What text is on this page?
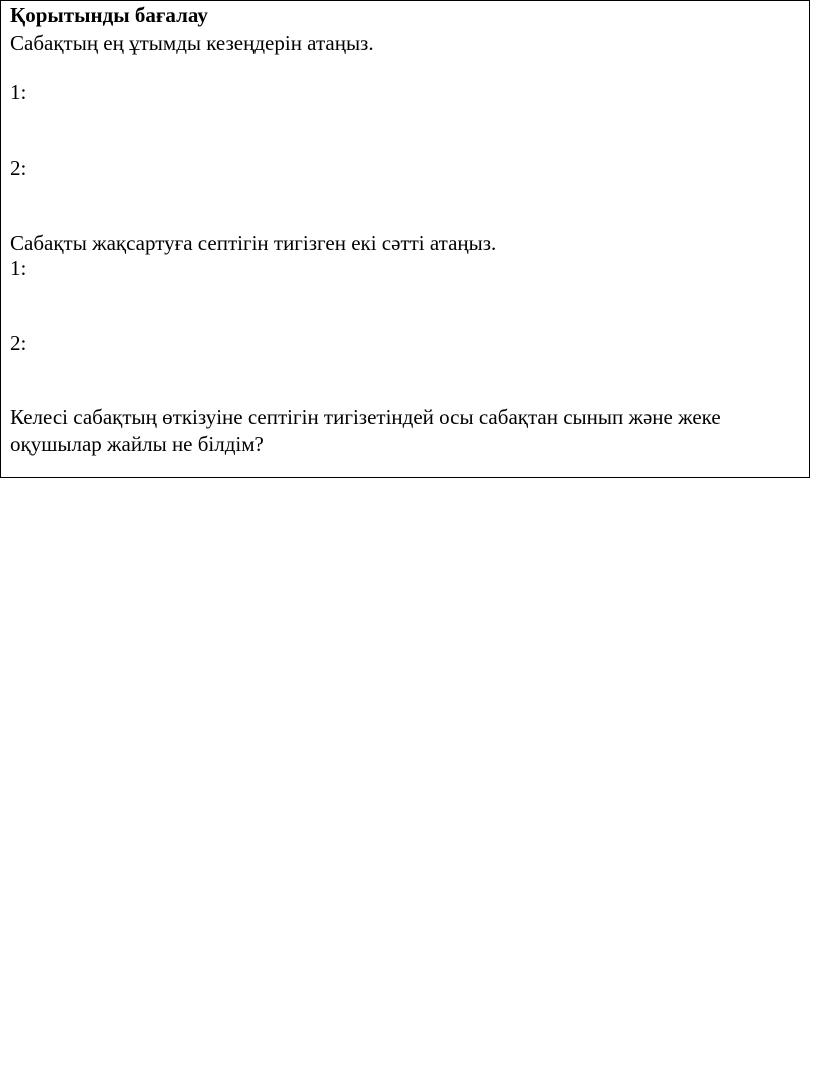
Қорытынды бағалау
Сабақтың ең ұтымды кезеңдерін атаңыз.
1:
2:
Сабақты жақсартуға септігін тигізген екі сәтті атаңыз.
1:
2:
Келесі сабақтың өткізуіне септігін тигізетіндей осы сабақтан сынып және жеке
оқушылар жайлы не білдім?
